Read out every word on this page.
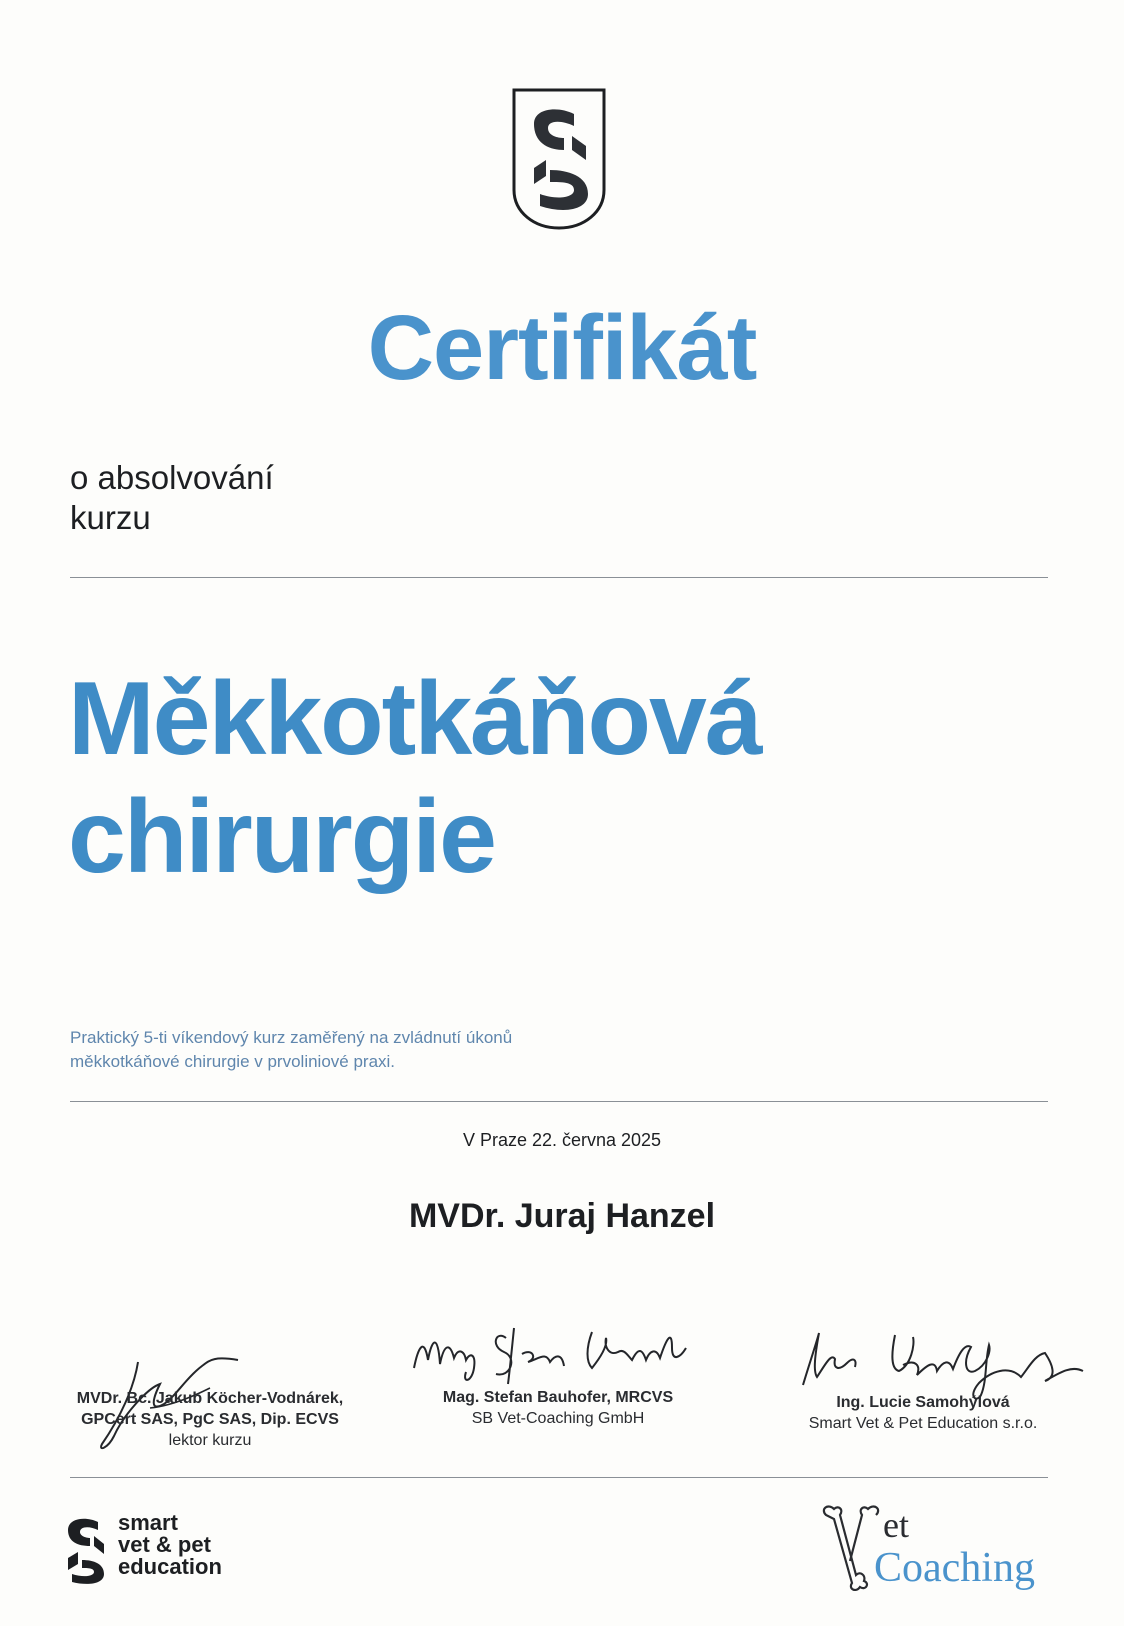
Certifikát
o absolvování
kurzu
Měkkotkáňová
chirurgie
Praktický 5-ti víkendový kurz zaměřený na zvládnutí úkonů
měkkotkáňové chirurgie v prvoliniové praxi.
V Praze 22. června 2025
MVDr. Juraj Hanzel
MVDr. Bc. Jakub Köcher-Vodnárek,
GPCert SAS, PgC SAS, Dip. ECVS
lektor kurzu
Mag. Stefan Bauhofer, MRCVS
SB Vet-Coaching GmbH
Ing. Lucie Samohýlová
Smart Vet & Pet Education s.r.o.
smart
vet & pet
education
et
Coaching
